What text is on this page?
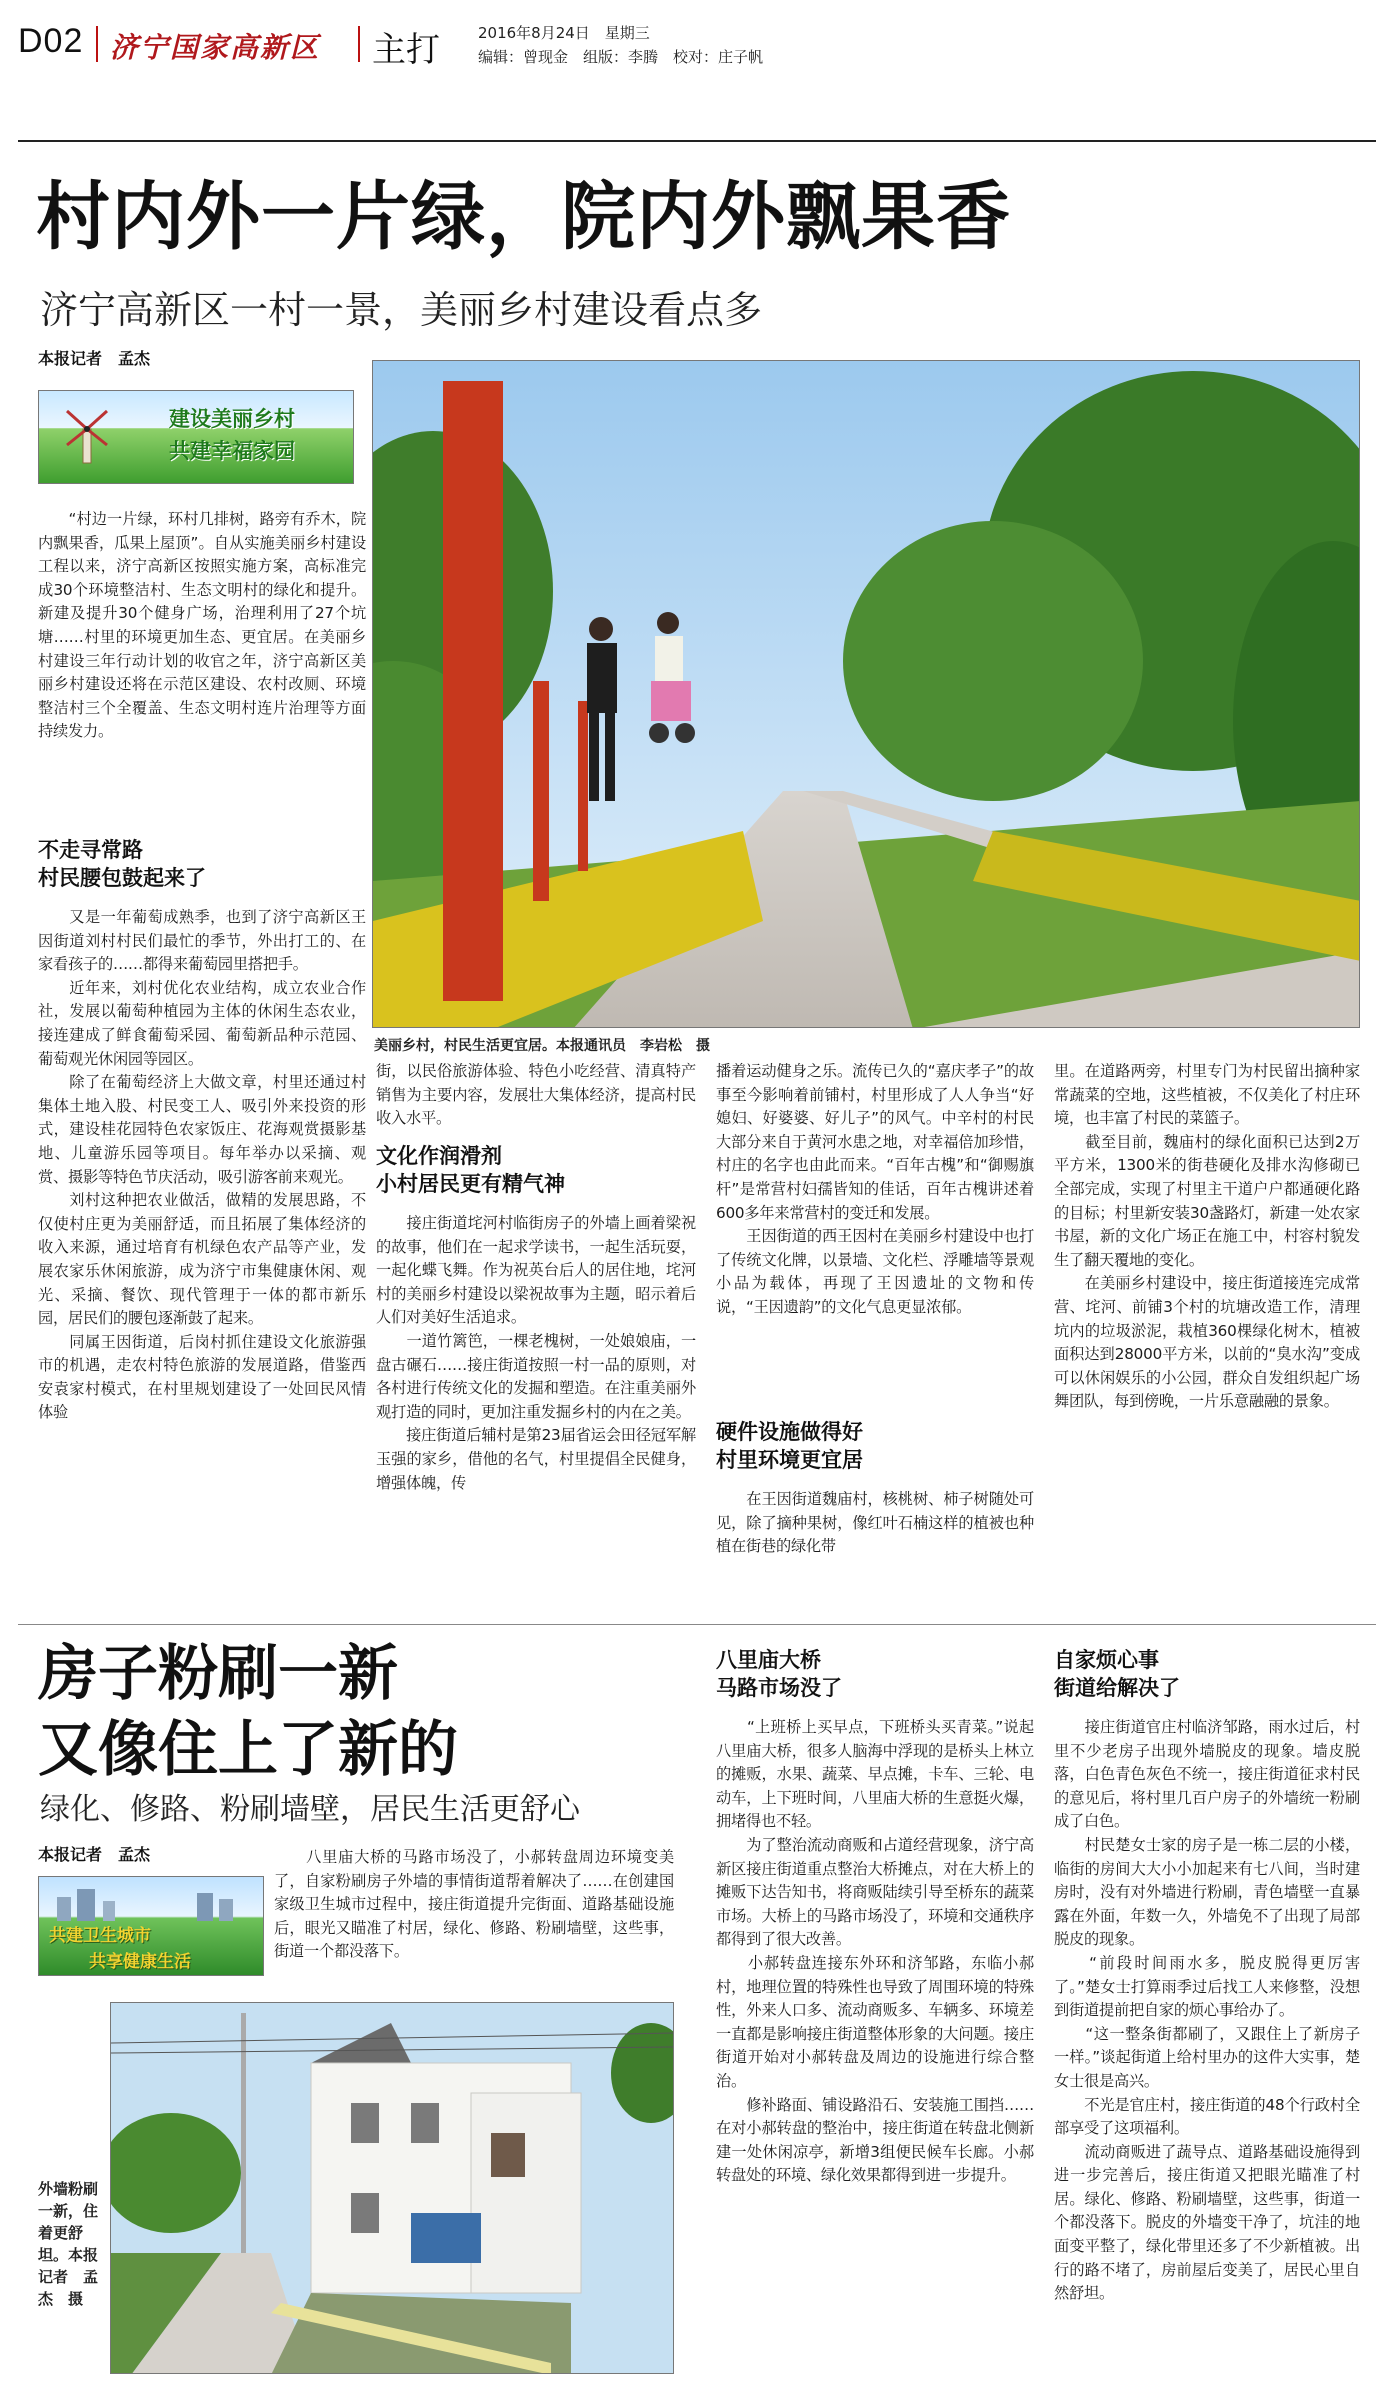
D02 济宁国家高新区 主打	2016年8月24日　星期三
编辑：曾现金　组版：李腾　校对：庄子帆
村内外一片绿，院内外飘果香
济宁高新区一村一景，美丽乡村建设看点多
本报记者　孟杰
建设美丽乡村
共建幸福家园
　　“村边一片绿，环村几排树，路旁有乔木，院内飘果香，瓜果上屋顶”。自从实施美丽乡村建设工程以来，济宁高新区按照实施方案，高标准完成30个环境整洁村、生态文明村的绿化和提升。新建及提升30个健身广场，治理利用了27个坑塘……村里的环境更加生态、更宜居。在美丽乡村建设三年行动计划的收官之年，济宁高新区美丽乡村建设还将在示范区建设、农村改厕、环境整洁村三个全覆盖、生态文明村连片治理等方面持续发力。
不走寻常路
村民腰包鼓起来了
　　又是一年葡萄成熟季，也到了济宁高新区王因街道刘村村民们最忙的季节，外出打工的、在家看孩子的……都得来葡萄园里搭把手。
　　近年来，刘村优化农业结构，成立农业合作社，发展以葡萄种植园为主体的休闲生态农业，接连建成了鲜食葡萄采园、葡萄新品种示范园、葡萄观光休闲园等园区。
　　除了在葡萄经济上大做文章，村里还通过村集体土地入股、村民变工人、吸引外来投资的形式，建设桂花园特色农家饭庄、花海观赏摄影基地、儿童游乐园等项目。每年举办以采摘、观赏、摄影等特色节庆活动，吸引游客前来观光。
　　刘村这种把农业做活，做精的发展思路，不仅使村庄更为美丽舒适，而且拓展了集体经济的收入来源，通过培育有机绿色农产品等产业，发展农家乐休闲旅游，成为济宁市集健康休闲、观光、采摘、餐饮、现代管理于一体的都市新乐园，居民们的腰包逐渐鼓了起来。
　　同属王因街道，后岗村抓住建设文化旅游强市的机遇，走农村特色旅游的发展道路，借鉴西安袁家村模式，在村里规划建设了一处回民风情体验
美丽乡村，村民生活更宜居。本报通讯员　李岩松　摄
街，以民俗旅游体验、特色小吃经营、清真特产销售为主要内容，发展壮大集体经济，提高村民收入水平。
文化作润滑剂
小村居民更有精气神
　　接庄街道垞河村临街房子的外墙上画着梁祝的故事，他们在一起求学读书，一起生活玩耍，一起化蝶飞舞。作为祝英台后人的居住地，垞河村的美丽乡村建设以梁祝故事为主题，昭示着后人们对美好生活追求。
　　一道竹篱笆，一棵老槐树，一处娘娘庙，一盘古碾石……接庄街道按照一村一品的原则，对各村进行传统文化的发掘和塑造。在注重美丽外观打造的同时，更加注重发掘乡村的内在之美。
　　接庄街道后辅村是第23届省运会田径冠军解玉强的家乡，借他的名气，村里提倡全民健身，增强体魄，传
播着运动健身之乐。流传已久的“嘉庆孝子”的故事至今影响着前铺村，村里形成了人人争当“好媳妇、好婆婆、好儿子”的风气。中辛村的村民大部分来自于黄河水患之地，对幸福倍加珍惜，村庄的名字也由此而来。“百年古槐”和“御赐旗杆”是常营村妇孺皆知的佳话，百年古槐讲述着600多年来常营村的变迁和发展。
　　王因街道的西王因村在美丽乡村建设中也打了传统文化牌，以景墙、文化栏、浮雕墙等景观小品为载体，再现了王因遗址的文物和传说，“王因遗韵”的文化气息更显浓郁。
硬件设施做得好
村里环境更宜居
　　在王因街道魏庙村，核桃树、柿子树随处可见，除了摘种果树，像红叶石楠这样的植被也种植在街巷的绿化带
里。在道路两旁，村里专门为村民留出摘种家常蔬菜的空地，这些植被，不仅美化了村庄环境，也丰富了村民的菜篮子。
　　截至目前，魏庙村的绿化面积已达到2万平方米，1300米的街巷硬化及排水沟修砌已全部完成，实现了村里主干道户户都通硬化路的目标；村里新安装30盏路灯，新建一处农家书屋，新的文化广场正在施工中，村容村貌发生了翻天覆地的变化。
　　在美丽乡村建设中，接庄街道接连完成常营、垞河、前铺3个村的坑塘改造工作，清理坑内的垃圾淤泥，栽植360棵绿化树木，植被面积达到28000平方米，以前的“臭水沟”变成可以休闲娱乐的小公园，群众自发组织起广场舞团队，每到傍晚，一片乐意融融的景象。
房子粉刷一新
又像住上了新的
绿化、修路、粉刷墙壁，居民生活更舒心
本报记者　孟杰
共建卫生城市
共享健康生活
　　八里庙大桥的马路市场没了，小郝转盘周边环境变美了，自家粉刷房子外墙的事情街道帮着解决了……在创建国家级卫生城市过程中，接庄街道提升完街面、道路基础设施后，眼光又瞄准了村居，绿化、修路、粉刷墙壁，这些事，街道一个都没落下。
外墙粉刷一新，住着更舒坦。本报记者　孟杰　摄
八里庙大桥
马路市场没了
　　“上班桥上买早点，下班桥头买青菜。”说起八里庙大桥，很多人脑海中浮现的是桥头上林立的摊贩，水果、蔬菜、早点摊，卡车、三轮、电动车，上下班时间，八里庙大桥的生意挺火爆，拥堵得也不轻。
　　为了整治流动商贩和占道经营现象，济宁高新区接庄街道重点整治大桥摊点，对在大桥上的摊贩下达告知书，将商贩陆续引导至桥东的蔬菜市场。大桥上的马路市场没了，环境和交通秩序都得到了很大改善。
　　小郝转盘连接东外环和济邹路，东临小郝村，地理位置的特殊性也导致了周围环境的特殊性，外来人口多、流动商贩多、车辆多、环境差一直都是影响接庄街道整体形象的大问题。接庄街道开始对小郝转盘及周边的设施进行综合整治。
　　修补路面、铺设路沿石、安装施工围挡……在对小郝转盘的整治中，接庄街道在转盘北侧新建一处休闲凉亭，新增3组便民候车长廊。小郝转盘处的环境、绿化效果都得到进一步提升。
自家烦心事
街道给解决了
　　接庄街道官庄村临济邹路，雨水过后，村里不少老房子出现外墙脱皮的现象。墙皮脱落，白色青色灰色不统一，接庄街道征求村民的意见后，将村里几百户房子的外墙统一粉刷成了白色。
　　村民楚女士家的房子是一栋二层的小楼，临街的房间大大小小加起来有七八间，当时建房时，没有对外墙进行粉刷，青色墙壁一直暴露在外面，年数一久，外墙免不了出现了局部脱皮的现象。
　　“前段时间雨水多，脱皮脱得更厉害了。”楚女士打算雨季过后找工人来修整，没想到街道提前把自家的烦心事给办了。
　　“这一整条街都刷了，又跟住上了新房子一样。”谈起街道上给村里办的这件大实事，楚女士很是高兴。
　　不光是官庄村，接庄街道的48个行政村全部享受了这项福利。
　　流动商贩进了蔬导点、道路基础设施得到进一步完善后，接庄街道又把眼光瞄准了村居。绿化、修路、粉刷墙壁，这些事，街道一个都没落下。脱皮的外墙变干净了，坑洼的地面变平整了，绿化带里还多了不少新植被。出行的路不堵了，房前屋后变美了，居民心里自然舒坦。
